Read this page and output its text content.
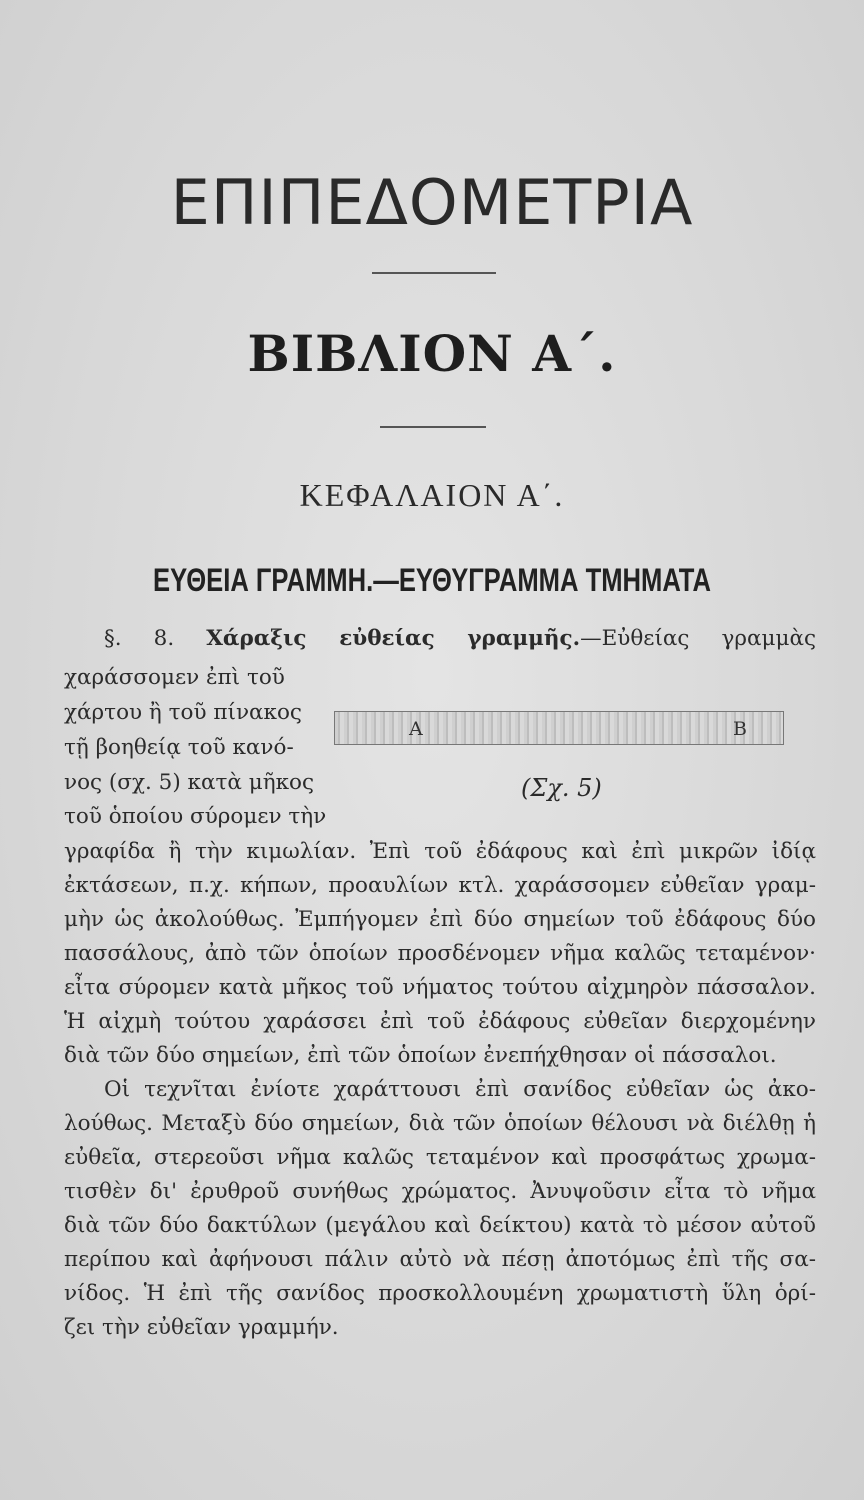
ΕΠΙΠΕΔΟΜΕΤΡΙΑ
ΒΙΒΛΙΟΝ Α΄.
ΚΕΦΑΛΑΙΟΝ Α΄.
ΕΥΘΕΙΑ ΓΡΑΜΜΗ.—ΕΥΘΥΓΡΑΜΜΑ ΤΜΗΜΑΤΑ
§. 8. Χάραξις εὐθείας γραμμῆς.—Εὐθείας γραμμὰς
χαράσσομεν ἐπὶ τοῦ
χάρτου ἢ τοῦ πίνακος
τῇ βοηθείᾳ τοῦ κανό-
νος (σχ. 5) κατὰ μῆκος
τοῦ ὁποίου σύρομεν τὴν
Α	Β
(Σχ. 5)
γραφίδα ἢ τὴν κιμωλίαν. Ἐπὶ τοῦ ἐδάφους καὶ ἐπὶ μικρῶν ἰδίᾳ
ἐκτάσεων, π.χ. κήπων, προαυλίων κτλ. χαράσσομεν εὐθεῖαν γραμ-
μὴν ὡς ἀκολούθως. Ἐμπήγομεν ἐπὶ δύο σημείων τοῦ ἐδάφους δύο
πασσάλους, ἀπὸ τῶν ὁποίων προσδένομεν νῆμα καλῶς τεταμένον·
εἶτα σύρομεν κατὰ μῆκος τοῦ νήματος τούτου αἰχμηρὸν πάσσαλον.
Ἡ αἰχμὴ τούτου χαράσσει ἐπὶ τοῦ ἐδάφους εὐθεῖαν διερχομένην
διὰ τῶν δύο σημείων, ἐπὶ τῶν ὁποίων ἐνεπήχθησαν οἱ πάσσαλοι.
Οἱ τεχνῖται ἐνίοτε χαράττουσι ἐπὶ σανίδος εὐθεῖαν ὡς ἀκο-
λούθως. Μεταξὺ δύο σημείων, διὰ τῶν ὁποίων θέλουσι νὰ διέλθῃ ἡ
εὐθεῖα, στερεοῦσι νῆμα καλῶς τεταμένον καὶ προσφάτως χρωμα-
τισθὲν δι' ἐρυθροῦ συνήθως χρώματος. Ἀνυψοῦσιν εἶτα τὸ νῆμα
διὰ τῶν δύο δακτύλων (μεγάλου καὶ δείκτου) κατὰ τὸ μέσον αὐτοῦ
περίπου καὶ ἀφήνουσι πάλιν αὐτὸ νὰ πέσῃ ἀποτόμως ἐπὶ τῆς σα-
νίδος. Ἡ ἐπὶ τῆς σανίδος προσκολλουμένη χρωματιστὴ ὕλη ὁρί-
ζει τὴν εὐθεῖαν γραμμήν.
